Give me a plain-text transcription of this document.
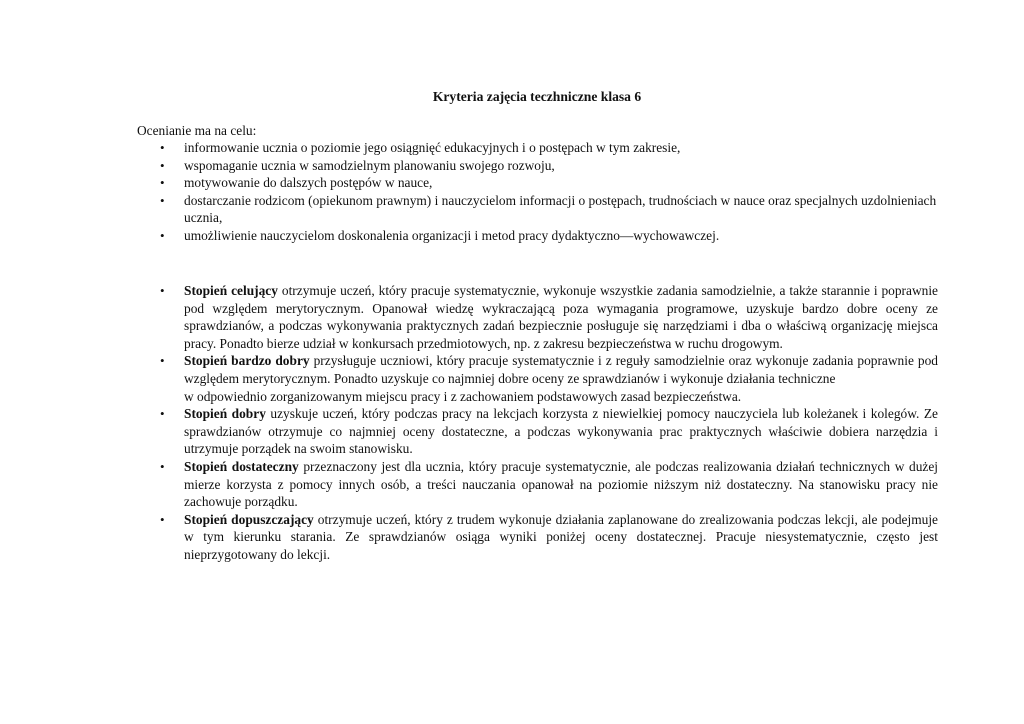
Kryteria zajęcia teczhniczne klasa 6
Ocenianie ma na celu:
• informowanie ucznia o poziomie jego osiągnięć edukacyjnych i o postępach w tym zakresie,
• wspomaganie ucznia w samodzielnym planowaniu swojego rozwoju,
• motywowanie do dalszych postępów w nauce,
• dostarczanie rodzicom (opiekunom prawnym) i nauczycielom informacji o postępach, trudnościach w nauce oraz specjalnych uzdolnieniach ucznia,
• umożliwienie nauczycielom doskonalenia organizacji i metod pracy dydaktyczno—wychowawczej.
• Stopień celujący otrzymuje uczeń, który pracuje systematycznie, wykonuje wszystkie zadania samodzielnie, a także starannie i poprawnie pod względem merytorycznym. Opanował wiedzę wykraczającą poza wymagania programowe, uzyskuje bardzo dobre oceny ze sprawdzianów, a podczas wykonywania praktycznych zadań bezpiecznie posługuje się narzędziami i dba o właściwą organizację miejsca pracy. Ponadto bierze udział w konkursach przedmiotowych, np. z zakresu bezpieczeństwa w ruchu drogowym.
• Stopień bardzo dobry przysługuje uczniowi, który pracuje systematycznie i z reguły samodzielnie oraz wykonuje zadania poprawnie pod względem merytorycznym. Ponadto uzyskuje co najmniej dobre oceny ze sprawdzianów i wykonuje działania techniczne
w odpowiednio zorganizowanym miejscu pracy i z zachowaniem podstawowych zasad bezpieczeństwa.
• Stopień dobry uzyskuje uczeń, który podczas pracy na lekcjach korzysta z niewielkiej pomocy nauczyciela lub koleżanek i kolegów. Ze sprawdzianów otrzymuje co najmniej oceny dostateczne, a podczas wykonywania prac praktycznych właściwie dobiera narzędzia i utrzymuje porządek na swoim stanowisku.
• Stopień dostateczny przeznaczony jest dla ucznia, który pracuje systematycznie, ale podczas realizowania działań technicznych w dużej mierze korzysta z pomocy innych osób, a treści nauczania opanował na poziomie niższym niż dostateczny. Na stanowisku pracy nie zachowuje porządku.
• Stopień dopuszczający otrzymuje uczeń, który z trudem wykonuje działania zaplanowane do zrealizowania podczas lekcji, ale podejmuje w tym kierunku starania. Ze sprawdzianów osiąga wyniki poniżej oceny dostatecznej. Pracuje niesystematycznie, często jest nieprzygotowany do lekcji.
